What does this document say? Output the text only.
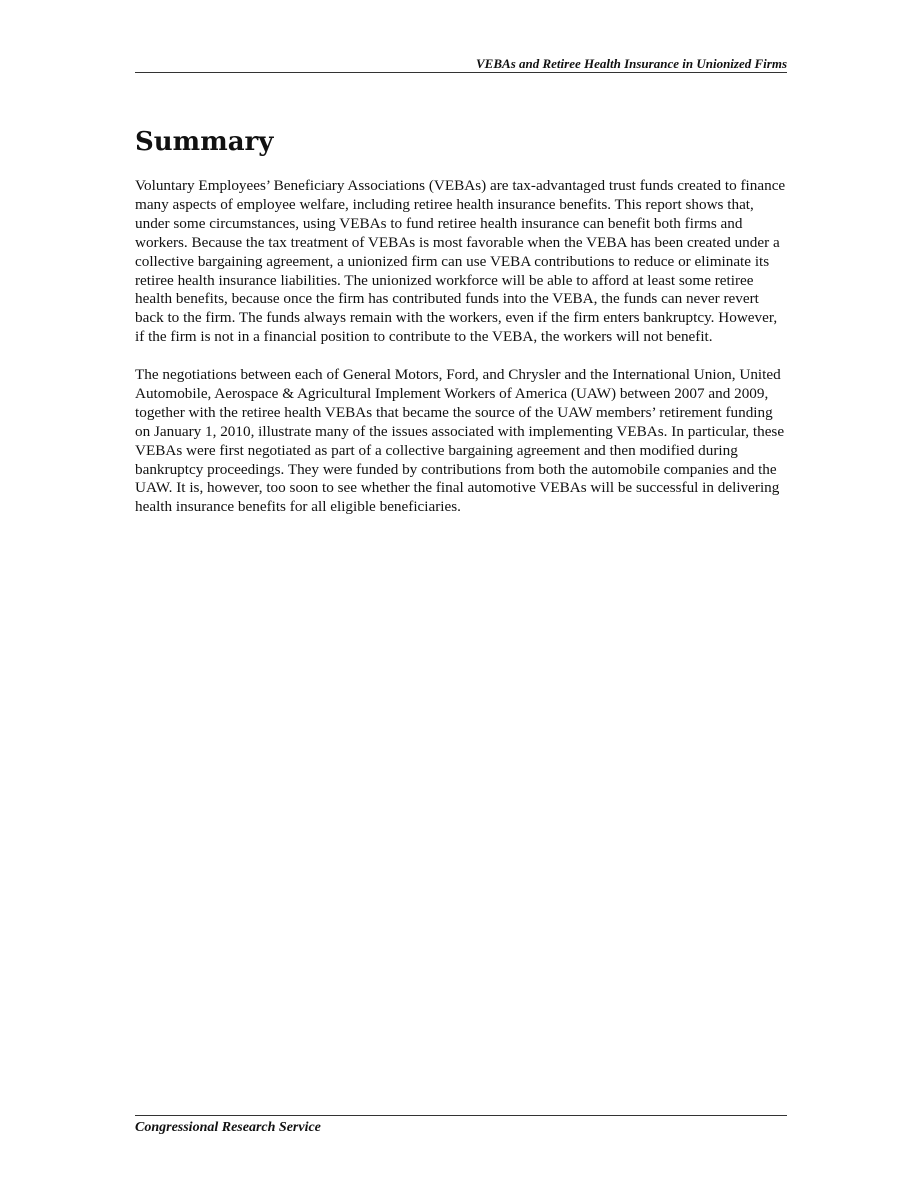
VEBAs and Retiree Health Insurance in Unionized Firms
Summary

Voluntary Employees’ Beneficiary Associations (VEBAs) are tax-advantaged trust funds created to finance many aspects of employee welfare, including retiree health insurance benefits. This report shows that, under some circumstances, using VEBAs to fund retiree health insurance can benefit both firms and workers. Because the tax treatment of VEBAs is most favorable when the VEBA has been created under a collective bargaining agreement, a unionized firm can use VEBA contributions to reduce or eliminate its retiree health insurance liabilities. The unionized workforce will be able to afford at least some retiree health benefits, because once the firm has contributed funds into the VEBA, the funds can never revert back to the firm. The funds always remain with the workers, even if the firm enters bankruptcy. However, if the firm is not in a financial position to contribute to the VEBA, the workers will not benefit.

The negotiations between each of General Motors, Ford, and Chrysler and the International Union, United Automobile, Aerospace & Agricultural Implement Workers of America (UAW) between 2007 and 2009, together with the retiree health VEBAs that became the source of the UAW members’ retirement funding on January 1, 2010, illustrate many of the issues associated with implementing VEBAs. In particular, these VEBAs were first negotiated as part of a collective bargaining agreement and then modified during bankruptcy proceedings. They were funded by contributions from both the automobile companies and the UAW. It is, however, too soon to see whether the final automotive VEBAs will be successful in delivering health insurance benefits for all eligible beneficiaries.

Congressional Research Service
